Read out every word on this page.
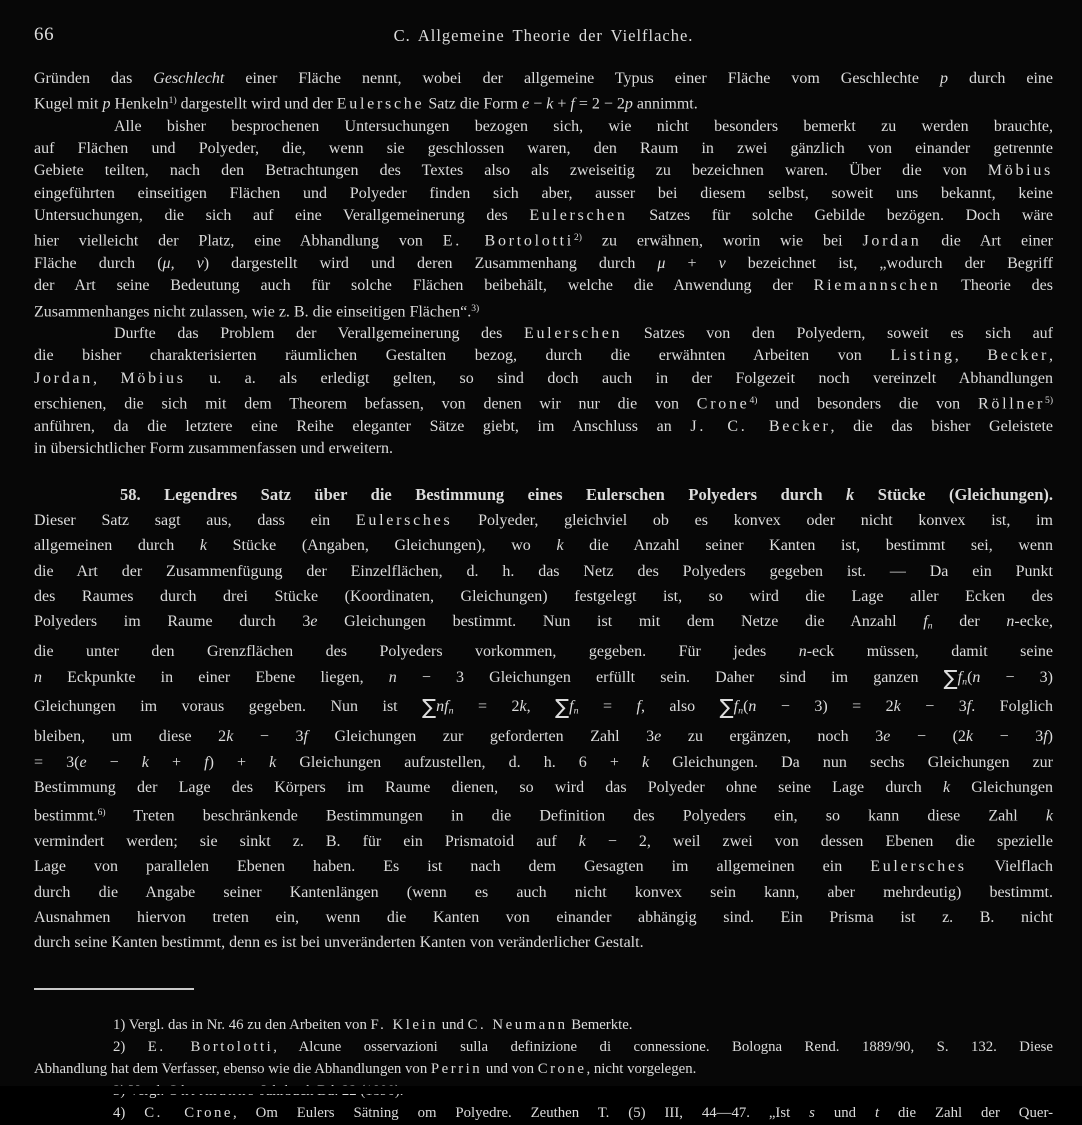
66	C. Allgemeine Theorie der Vielflache.
Gründen das Geschlecht einer Fläche nennt, wobei der allgemeine Typus einer Fläche vom Geschlechte p durch eine
Kugel mit p Henkeln$^{1)}$ dargestellt wird und der Eulersche Satz die Form e − k + f = 2 − 2p annimmt.
Alle bisher besprochenen Untersuchungen bezogen sich, wie nicht besonders bemerkt zu werden brauchte,
auf Flächen und Polyeder, die, wenn sie geschlossen waren, den Raum in zwei gänzlich von einander getrennte
Gebiete teilten, nach den Betrachtungen des Textes also als zweiseitig zu bezeichnen waren. Über die von Möbius
eingeführten einseitigen Flächen und Polyeder finden sich aber, ausser bei diesem selbst, soweit uns bekannt, keine
Untersuchungen, die sich auf eine Verallgemeinerung des Eulerschen Satzes für solche Gebilde bezögen. Doch wäre
hier vielleicht der Platz, eine Abhandlung von E. Bortolotti$^{2)}$ zu erwähnen, worin wie bei Jordan die Art einer
Fläche durch (μ, ν) dargestellt wird und deren Zusammenhang durch μ + ν bezeichnet ist, „wodurch der Begriff
der Art seine Bedeutung auch für solche Flächen beibehält, welche die Anwendung der Riemannschen Theorie des
Zusammenhanges nicht zulassen, wie z. B. die einseitigen Flächen“.$^{3)}$
Durfte das Problem der Verallgemeinerung des Eulerschen Satzes von den Polyedern, soweit es sich auf
die bisher charakterisierten räumlichen Gestalten bezog, durch die erwähnten Arbeiten von Listing, Becker,
Jordan, Möbius u. a. als erledigt gelten, so sind doch auch in der Folgezeit noch vereinzelt Abhandlungen
erschienen, die sich mit dem Theorem befassen, von denen wir nur die von Crone$^{4)}$ und besonders die von Röllner$^{5)}$
anführen, da die letztere eine Reihe eleganter Sätze giebt, im Anschluss an J. C. Becker, die das bisher Geleistete
in übersichtlicher Form zusammenfassen und erweitern.
58. Legendres Satz über die Bestimmung eines Eulerschen Polyeders durch k Stücke (Gleichungen).
Dieser Satz sagt aus, dass ein Eulersches Polyeder, gleichviel ob es konvex oder nicht konvex ist, im
allgemeinen durch k Stücke (Angaben, Gleichungen), wo k die Anzahl seiner Kanten ist, bestimmt sei, wenn
die Art der Zusammenfügung der Einzelflächen, d. h. das Netz des Polyeders gegeben ist. — Da ein Punkt
des Raumes durch drei Stücke (Koordinaten, Gleichungen) festgelegt ist, so wird die Lage aller Ecken des
Polyeders im Raume durch 3e Gleichungen bestimmt. Nun ist mit dem Netze die Anzahl $f_n$ der n-ecke,
die unter den Grenzflächen des Polyeders vorkommen, gegeben. Für jedes n-eck müssen, damit seine
n Eckpunkte in einer Ebene liegen, n − 3 Gleichungen erfüllt sein. Daher sind im ganzen $\sum f_n(n - 3)$
Gleichungen im voraus gegeben. Nun ist $\sum nf_n = 2k$, $\sum f_n = f$, also $\sum f_n(n - 3) = 2k - 3f$. Folglich
bleiben, um diese 2k − 3f Gleichungen zur geforderten Zahl 3e zu ergänzen, noch 3e − (2k − 3f)
= 3(e − k + f) + k Gleichungen aufzustellen, d. h. 6 + k Gleichungen. Da nun sechs Gleichungen zur
Bestimmung der Lage des Körpers im Raume dienen, so wird das Polyeder ohne seine Lage durch k Gleichungen
bestimmt.$^{6)}$ Treten beschränkende Bestimmungen in die Definition des Polyeders ein, so kann diese Zahl k
vermindert werden; sie sinkt z. B. für ein Prismatoid auf k − 2, weil zwei von dessen Ebenen die spezielle
Lage von parallelen Ebenen haben. Es ist nach dem Gesagten im allgemeinen ein Eulersches Vielflach
durch die Angabe seiner Kantenlängen (wenn es auch nicht konvex sein kann, aber mehrdeutig) bestimmt.
Ausnahmen hiervon treten ein, wenn die Kanten von einander abhängig sind. Ein Prisma ist z. B. nicht
durch seine Kanten bestimmt, denn es ist bei unveränderten Kanten von veränderlicher Gestalt.
1) Vergl. das in Nr. 46 zu den Arbeiten von F. Klein und C. Neumann Bemerkte.
2) E. Bortolotti, Alcune osservazioni sulla definizione di connessione. Bologna Rend. 1889/90, S. 132. Diese
Abhandlung hat dem Verfasser, ebenso wie die Abhandlungen von Perrin und von Crone, nicht vorgelegen.
4) C. Crone, Om Eulers Sätning om Polyedre. Zeuthen T. (5) III, 44—47. „Ist s und t die Zahl der Quer-
